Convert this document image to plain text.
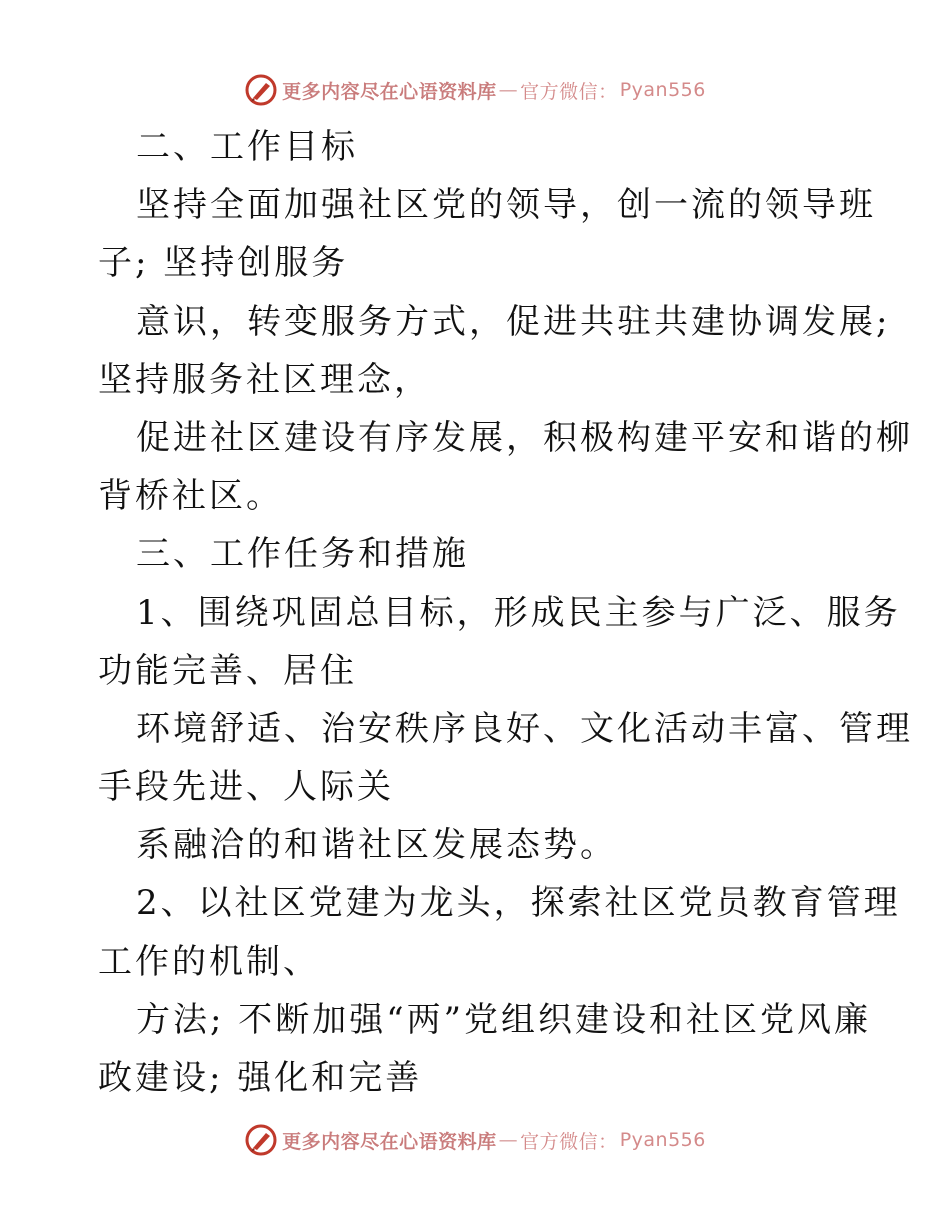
更多内容尽在心语资料库 — 官方微信： Pyan556
二、工作目标
坚持全面加强社区党的领导，创一流的领导班
子; 坚持创服务
意识，转变服务方式，促进共驻共建协调发展;
坚持服务社区理念，
促进社区建设有序发展，积极构建平安和谐的柳
背桥社区。
三、工作任务和措施
1、围绕巩固总目标，形成民主参与广泛、服务
功能完善、居住
环境舒适、治安秩序良好、文化活动丰富、管理
手段先进、人际关
系融洽的和谐社区发展态势。
2、以社区党建为龙头，探索社区党员教育管理
工作的机制、
方法; 不断加强“两”党组织建设和社区党风廉
政建设; 强化和完善
更多内容尽在心语资料库 — 官方微信： Pyan556
